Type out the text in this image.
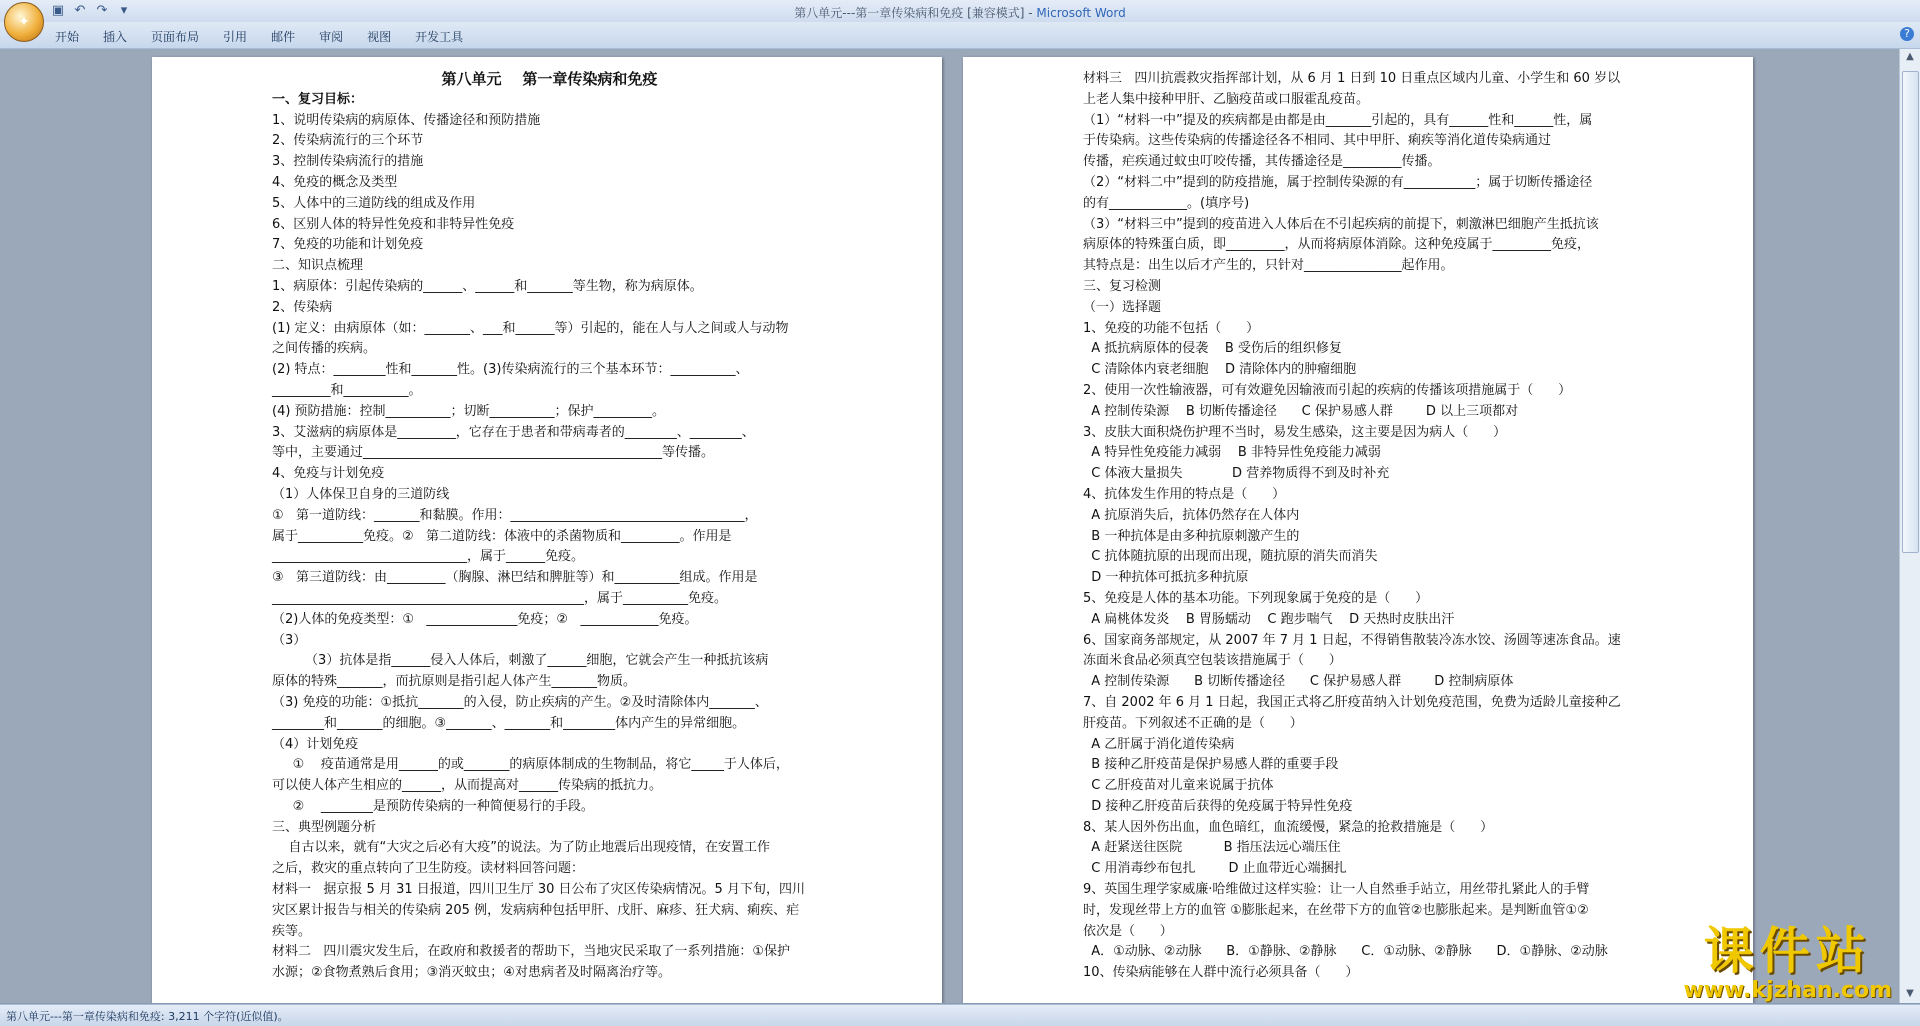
✦
▣ ↶ ↷	▾	第八单元---第一章传染病和免疫 [兼容模式] - Microsoft Word
开始 插入 页面布局 引用 邮件 审阅 视图 开发工具	?
第八单元    第一章传染病和免疫
一、复习目标：
1、说明传染病的病原体、传播途径和预防措施
2、传染病流行的三个环节
3、控制传染病流行的措施
4、免疫的概念及类型
5、人体中的三道防线的组成及作用
6、区别人体的特异性免疫和非特异性免疫
7、免疫的功能和计划免疫
二、知识点梳理
1、病原体：引起传染病的______、______和_______等生物，称为病原体。
2、传染病
(1) 定义：由病原体（如：_______、___和______等）引起的，能在人与人之间或人与动物
之间传播的疾病。
(2) 特点：________性和_______性。(3)传染病流行的三个基本环节：__________、
_________和__________。
(4) 预防措施：控制__________；切断__________；保护_________。
3、艾滋病的病原体是_________，它存在于患者和带病毒者的________、________、
等中，主要通过______________________________________________等传播。
4、免疫与计划免疫
（1）人体保卫自身的三道防线
①   第一道防线：_______和黏膜。作用：____________________________________，
属于__________免疫。②   第二道防线：体液中的杀菌物质和_________。作用是
______________________________，属于______免疫。
③   第三道防线：由_________（胸腺、淋巴结和脾脏等）和__________组成。作用是
________________________________________________，属于__________免疫。
（2)人体的免疫类型：①   ______________免疫；②   ____________免疫。
（3）
（3）抗体是指______侵入人体后，刺激了______细胞，它就会产生一种抵抗该病
原体的特殊_______，而抗原则是指引起人体产生_______物质。
（3) 免疫的功能：①抵抗_______的入侵，防止疾病的产生。②及时清除体内_______、
________和_______的细胞。③_______、_______和________体内产生的异常细胞。
（4）计划免疫
①    疫苗通常是用______的或_______的病原体制成的生物制品，将它_____于人体后，
可以使人体产生相应的______，从而提高对______传染病的抵抗力。
②    ________是预防传染病的一种简便易行的手段。
三、典型例题分析
自古以来，就有“大灾之后必有大疫”的说法。为了防止地震后出现疫情，在安置工作
之后，救灾的重点转向了卫生防疫。读材料回答问题：
材料一   据京报 5 月 31 日报道，四川卫生厅 30 日公布了灾区传染病情况。5 月下旬，四川
灾区累计报告与相关的传染病 205 例，发病病种包括甲肝、戊肝、麻疹、狂犬病、痢疾、疟
疾等。
材料二   四川震灾发生后，在政府和救援者的帮助下，当地灾民采取了一系列措施：①保护
水源；②食物煮熟后食用；③消灭蚊虫；④对患病者及时隔离治疗等。
材料三   四川抗震救灾指挥部计划，从 6 月 1 日到 10 日重点区域内儿童、小学生和 60 岁以
上老人集中接种甲肝、乙脑疫苗或口服霍乱疫苗。
（1）“材料一中”提及的疾病都是由都是由_______引起的，具有______性和______性，属
于传染病。这些传染病的传播途径各不相同、其中甲肝、痢疾等消化道传染病通过
传播，疟疾通过蚊虫叮咬传播，其传播途径是_________传播。
（2）“材料二中”提到的防疫措施，属于控制传染源的有___________；属于切断传播途径
的有____________。(填序号)
（3）“材料三中”提到的疫苗进入人体后在不引起疾病的前提下，刺激淋巴细胞产生抵抗该
病原体的特殊蛋白质，即_________，从而将病原体消除。这种免疫属于_________免疫，
其特点是：出生以后才产生的，只针对_______________起作用。
三、复习检测
（一）选择题
1、免疫的功能不包括（      ）
A 抵抗病原体的侵袭    B 受伤后的组织修复
C 清除体内衰老细胞    D 清除体内的肿瘤细胞
2、使用一次性输液器，可有效避免因输液而引起的疾病的传播该项措施属于（      ）
A 控制传染源    B 切断传播途径      C 保护易感人群        D 以上三项都对
3、皮肤大面积烧伤护理不当时，易发生感染，这主要是因为病人（      ）
A 特异性免疫能力减弱    B 非特异性免疫能力减弱
C 体液大量损失            D 营养物质得不到及时补充
4、抗体发生作用的特点是（      ）
A 抗原消失后，抗体仍然存在人体内
B 一种抗体是由多种抗原刺激产生的
C 抗体随抗原的出现而出现，随抗原的消失而消失
D 一种抗体可抵抗多种抗原
5、免疫是人体的基本功能。下列现象属于免疫的是（      ）
A 扁桃体发炎    B 胃肠蠕动    C 跑步喘气    D 天热时皮肤出汗
6、国家商务部规定，从 2007 年 7 月 1 日起，不得销售散装冷冻水饺、汤圆等速冻食品。速
冻面米食品必须真空包装该措施属于（      ）
A 控制传染源      B 切断传播途径      C 保护易感人群        D 控制病原体
7、自 2002 年 6 月 1 日起，我国正式将乙肝疫苗纳入计划免疫范围，免费为适龄儿童接种乙
肝疫苗。下列叙述不正确的是（      ）
A 乙肝属于消化道传染病
B 接种乙肝疫苗是保护易感人群的重要手段
C 乙肝疫苗对儿童来说属于抗体
D 接种乙肝疫苗后获得的免疫属于特异性免疫
8、某人因外伤出血，血色暗红，血流缓慢，紧急的抢救措施是（      ）
A 赶紧送往医院          B 指压法远心端压住
C 用消毒纱布包扎        D 止血带近心端捆扎
9、英国生理学家威廉·哈维做过这样实验：让一人自然垂手站立，用丝带扎紧此人的手臂
时，发现丝带上方的血管 ①膨胀起来，在丝带下方的血管②也膨胀起来。是判断血管①②
依次是（      ）
A．①动脉、②动脉      B．①静脉、②静脉      C．①动脉、②静脉      D．①静脉、②动脉
10、传染病能够在人群中流行必须具备（      ）
▲
▼
课件站
www.kjzhan.com
第八单元---第一章传染病和免疫: 3,211 个字符(近似值)。
